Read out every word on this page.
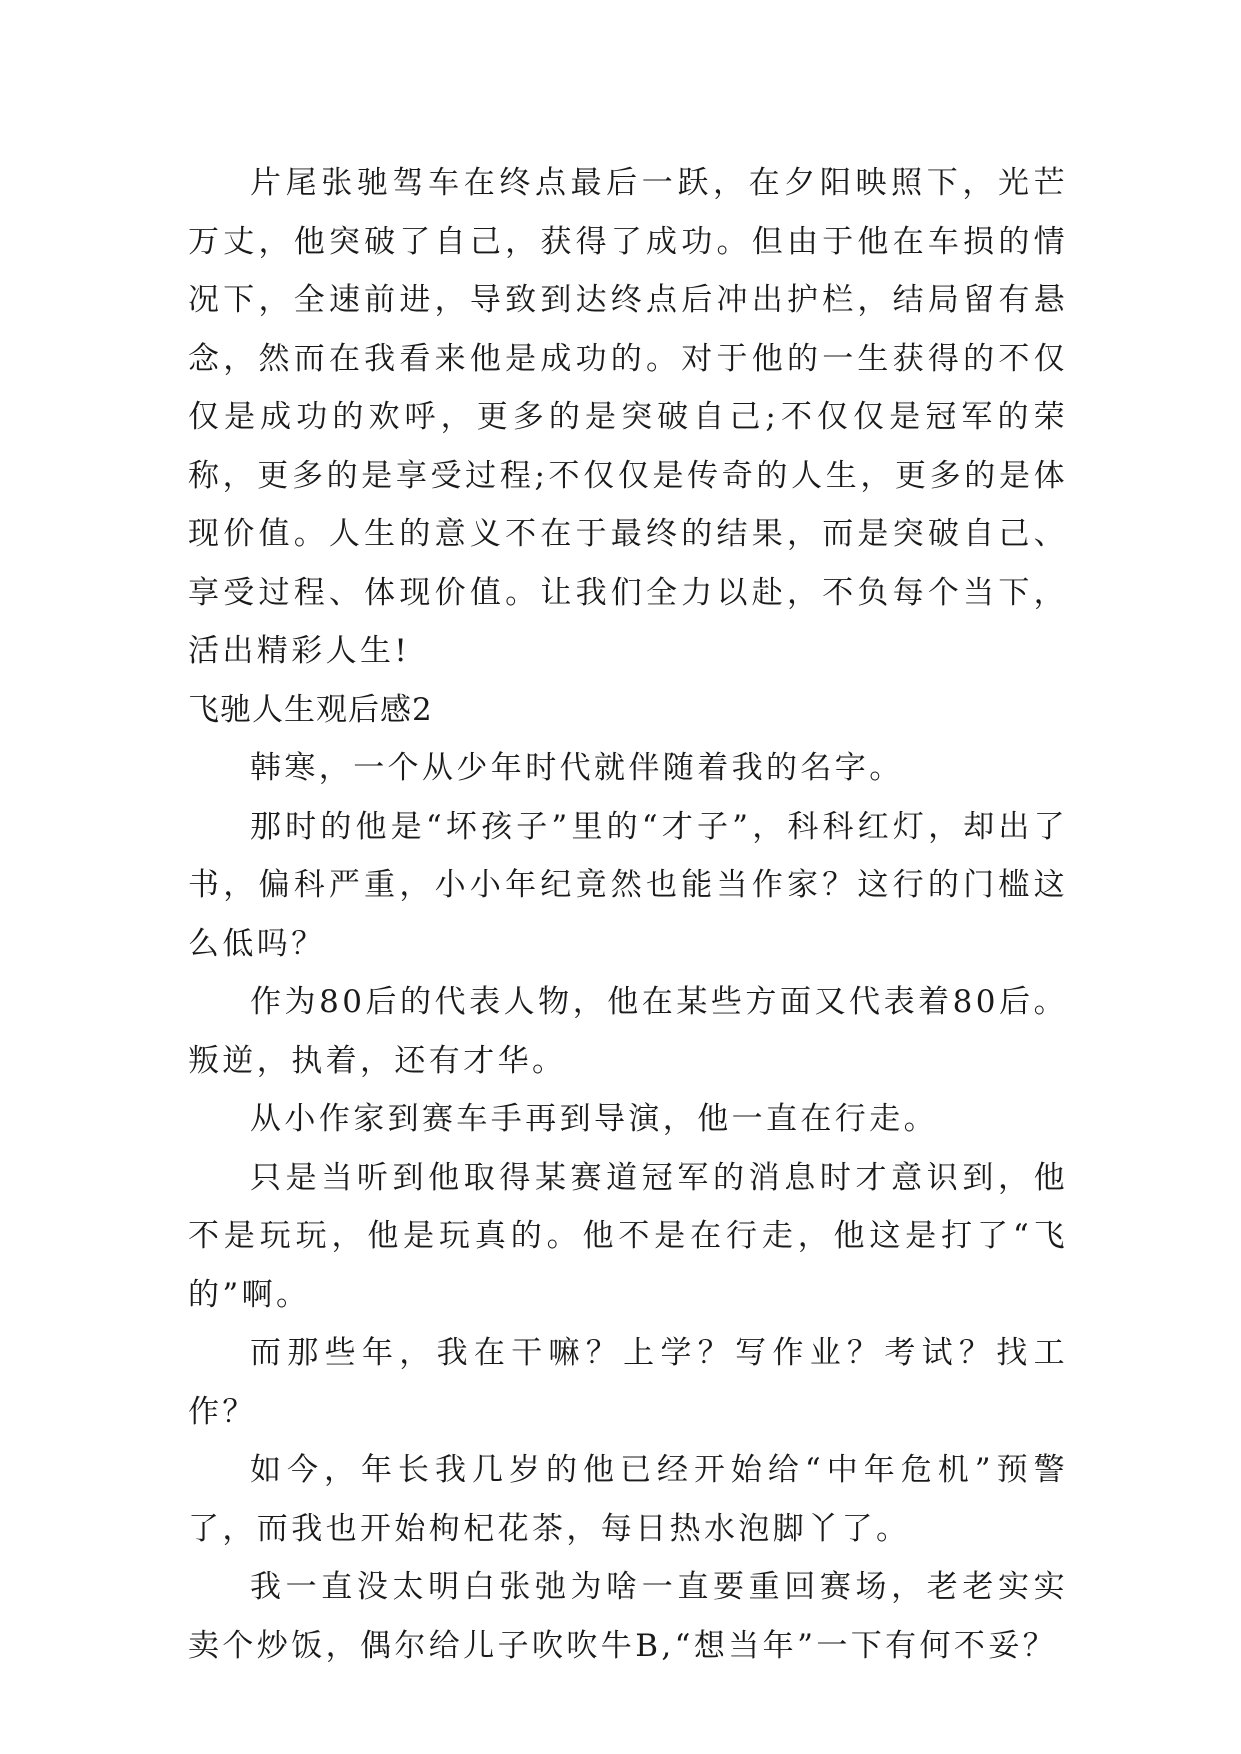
片尾张驰驾车在终点最后一跃，在夕阳映照下，光芒万丈，他突破了自己，获得了成功。但由于他在车损的情况下，全速前进，导致到达终点后冲出护栏，结局留有悬念，然而在我看来他是成功的。对于他的一生获得的不仅仅是成功的欢呼，更多的是突破自己;不仅仅是冠军的荣称，更多的是享受过程;不仅仅是传奇的人生，更多的是体现价值。人生的意义不在于最终的结果，而是突破自己、享受过程、体现价值。让我们全力以赴，不负每个当下，活出精彩人生!

飞驰人生观后感2

韩寒，一个从少年时代就伴随着我的名字。

那时的他是“坏孩子”里的“才子”，科科红灯，却出了书，偏科严重，小小年纪竟然也能当作家？这行的门槛这么低吗？

作为80后的代表人物，他在某些方面又代表着80后。叛逆，执着，还有才华。

从小作家到赛车手再到导演，他一直在行走。

只是当听到他取得某赛道冠军的消息时才意识到，他不是玩玩，他是玩真的。他不是在行走，他这是打了“飞的”啊。

而那些年，我在干嘛？上学？写作业？考试？找工作？

如今，年长我几岁的他已经开始给“中年危机”预警了，而我也开始枸杞花茶，每日热水泡脚丫了。

我一直没太明白张弛为啥一直要重回赛场，老老实实卖个炒饭，偶尔给儿子吹吹牛B,“想当年”一下有何不妥？
